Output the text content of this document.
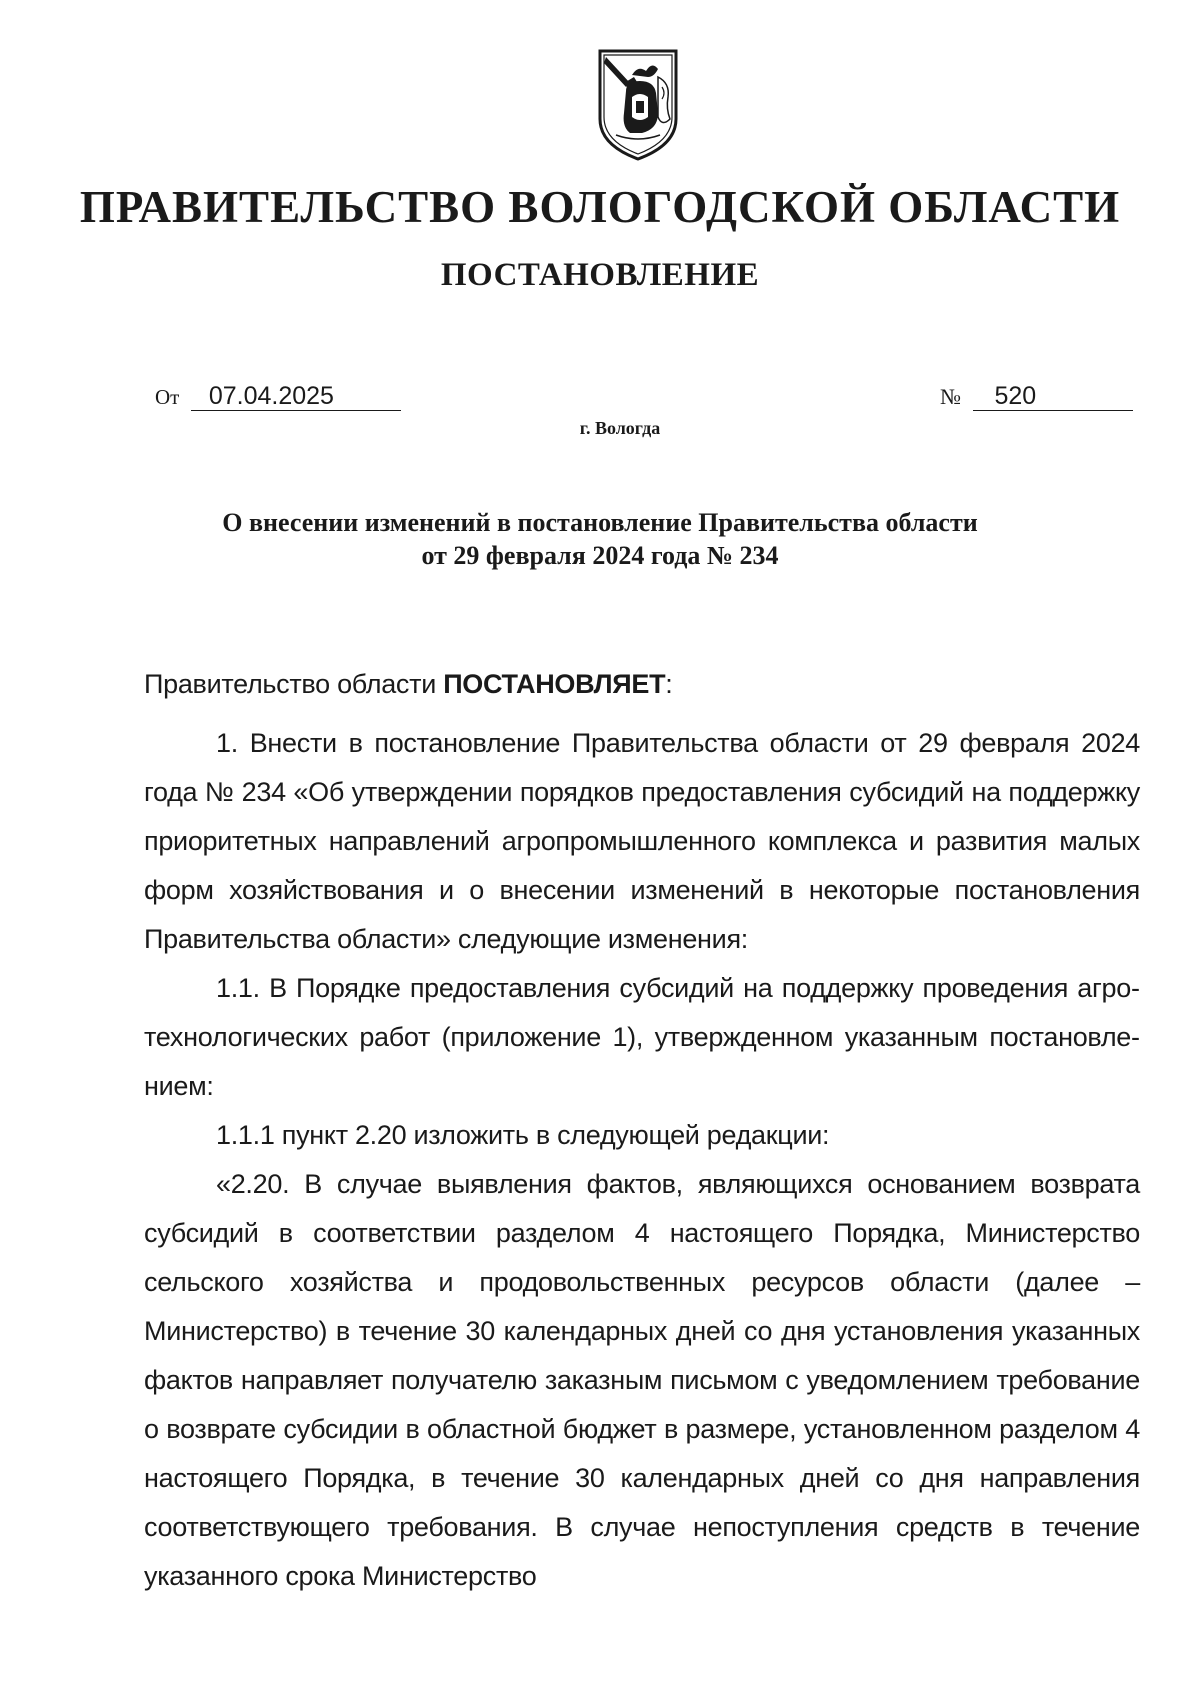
ПРАВИТЕЛЬСТВО ВОЛОГОДСКОЙ ОБЛАСТИ
ПОСТАНОВЛЕНИЕ
От 07.04.2025	№ 520
г. Вологда
О внесении изменений в постановление Правительства области
от 29 февраля 2024 года № 234

Правительство области ПОСТАНОВЛЯЕТ:

1. Внести в постановление Правительства области от 29 февраля 2024 года № 234 «Об утверждении порядков предоставления субсидий на поддержку приоритетных направлений агропромышленного комплекса и развития малых форм хозяйствования и о внесении изменений в некоторые постановления Правительства области» следующие изменения:

1.1. В Порядке предоставления субсидий на поддержку проведения агротехнологических работ (приложение 1), утвержденном указанным постановлением:

1.1.1 пункт 2.20 изложить в следующей редакции:

«2.20. В случае выявления фактов, являющихся основанием возврата субсидий в соответствии разделом 4 настоящего Порядка, Министерство сельского хозяйства и продовольственных ресурсов области (далее – Министерство) в течение 30 календарных дней со дня установления указанных фактов направляет получателю заказным письмом с уведомлением требование о возврате субсидии в областной бюджет в размере, установленном разделом 4 настоящего Порядка, в течение 30 календарных дней со дня направления соответствующего требования. В случае непоступления средств в течение указанного срока Министерство
